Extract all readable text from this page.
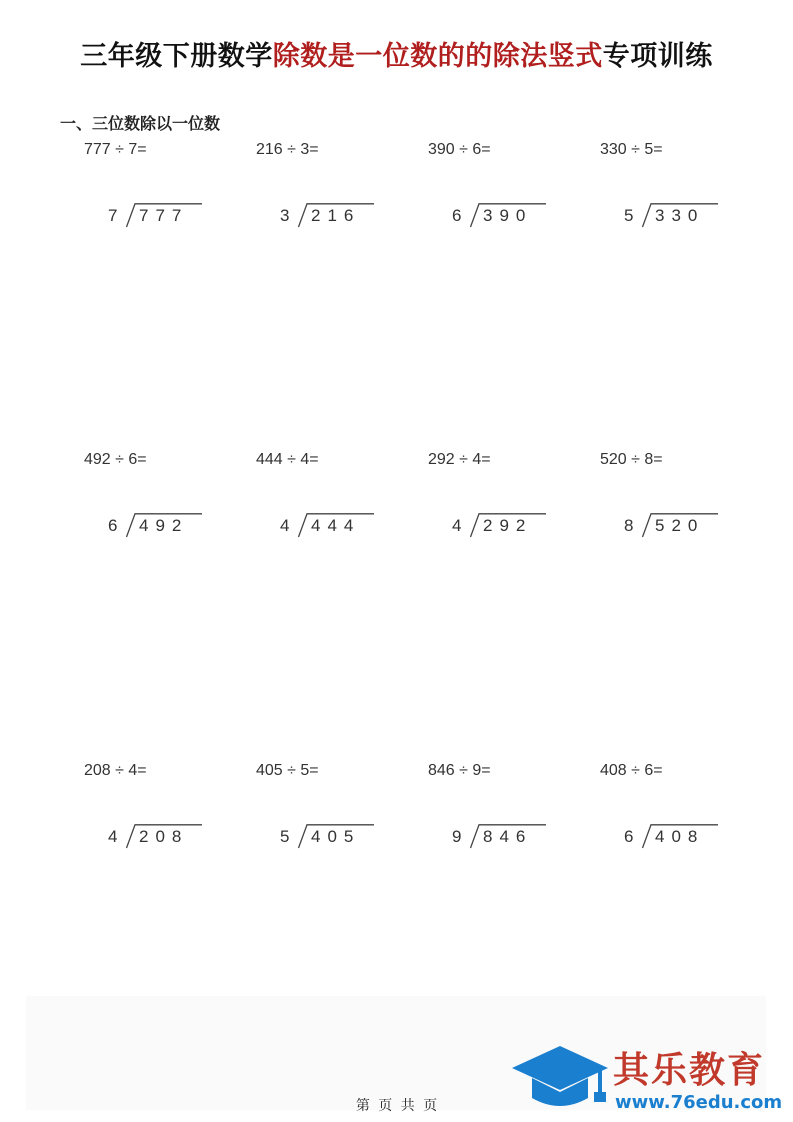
三年级下册数学除数是一位数的的除法竖式专项训练
一、三位数除以一位数
777 ÷ 7=
7 777
216 ÷ 3=
3 216
390 ÷ 6=
6 390
330 ÷ 5=
5 330
492 ÷ 6=
6 492
444 ÷ 4=
4 444
292 ÷ 4=
4 292
520 ÷ 8=
8 520
208 ÷ 4=
4 208
405 ÷ 5=
5 405
846 ÷ 9=
9 846
408 ÷ 6=
6 408
第 页 共 页
其乐教育
www.76edu.com
